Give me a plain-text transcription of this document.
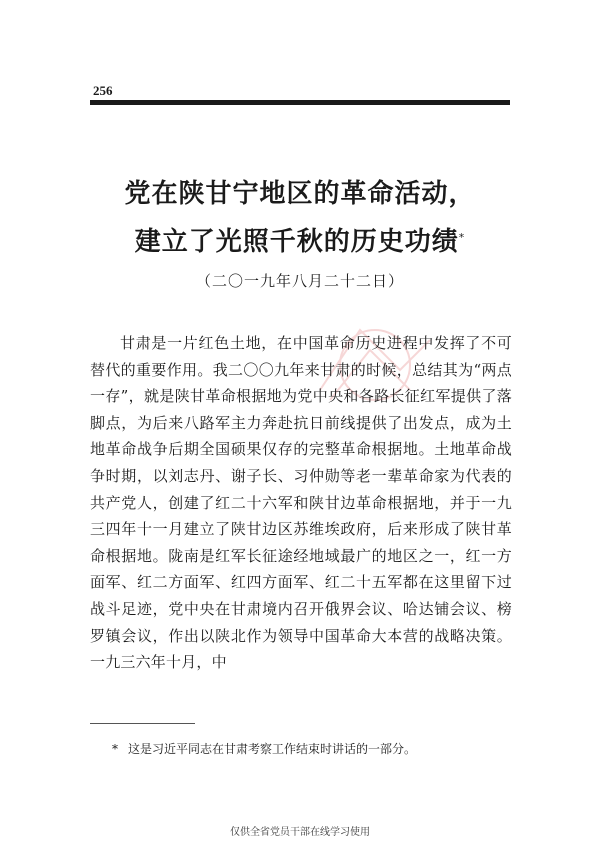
256
党在陕甘宁地区的革命活动，
建立了光照千秋的历史功绩*
（二〇一九年八月二十二日）

甘肃是一片红色土地，在中国革命历史进程中发挥了不可替代的重要作用。我二〇〇九年来甘肃的时候，总结其为“两点一存”，就是陕甘革命根据地为党中央和各路长征红军提供了落脚点，为后来八路军主力奔赴抗日前线提供了出发点，成为土地革命战争后期全国硕果仅存的完整革命根据地。土地革命战争时期，以刘志丹、谢子长、习仲勋等老一辈革命家为代表的共产党人，创建了红二十六军和陕甘边革命根据地，并于一九三四年十一月建立了陕甘边区苏维埃政府，后来形成了陕甘革命根据地。陇南是红军长征途经地域最广的地区之一，红一方面军、红二方面军、红四方面军、红二十五军都在这里留下过战斗足迹，党中央在甘肃境内召开俄界会议、哈达铺会议、榜罗镇会议，作出以陕北作为领导中国革命大本营的战略决策。一九三六年十月，中

* 这是习近平同志在甘肃考察工作结束时讲话的一部分。

仅供全省党员干部在线学习使用
